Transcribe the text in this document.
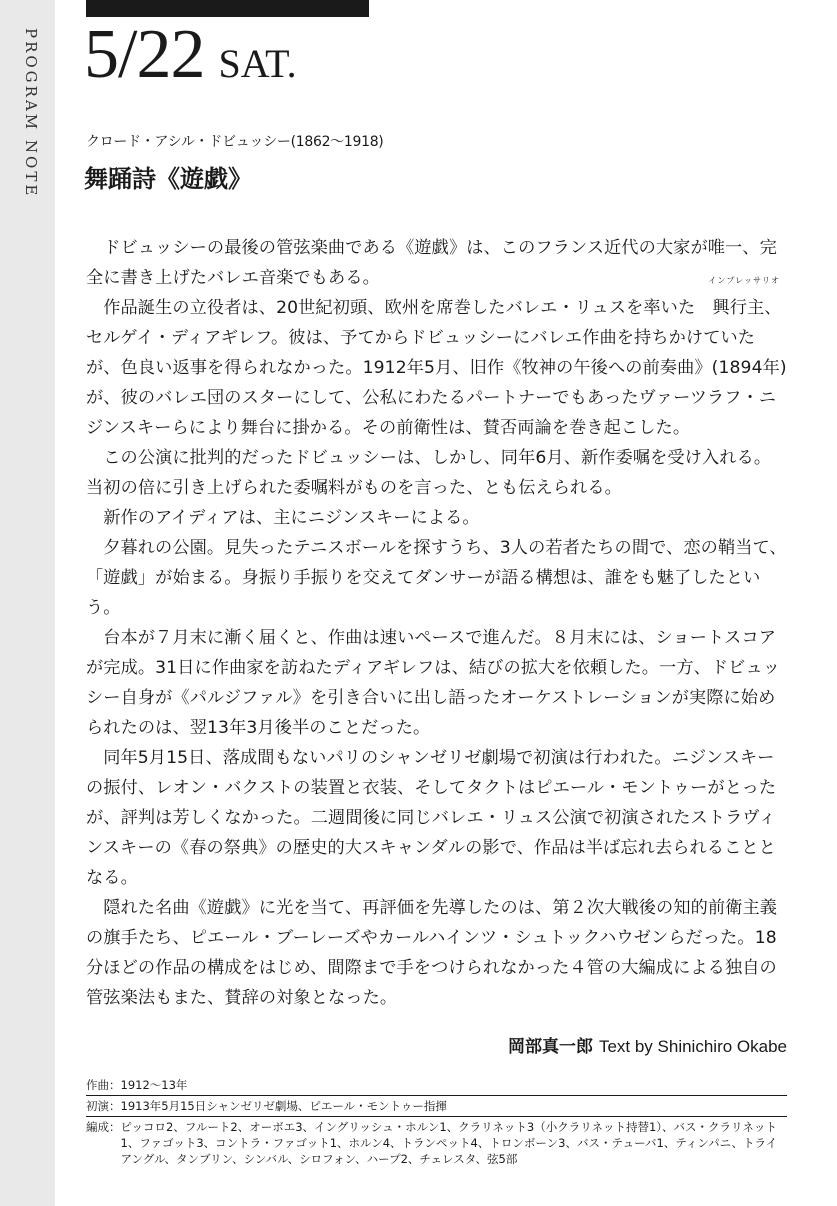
PROGRAM NOTE 5/22 SAT.
クロード・アシル・ドビュッシー(1862〜1918)
舞踊詩《遊戯》

ドビュッシーの最後の管弦楽曲である《遊戯》は、このフランス近代の大家が唯一、完全に書き上げたバレエ音楽でもある。

作品誕生の立役者は、20世紀初頭、欧州を席巻したバレエ・リュスを率いた
インプレッサリオ
興行主、セルゲイ・ディアギレフ。彼は、予てからドビュッシーにバレエ作曲を持ちかけていたが、色良い返事を得られなかった。1912年5月、旧作《牧神の午後への前奏曲》(1894年)が、彼のバレエ団のスターにして、公私にわたるパートナーでもあったヴァーツラフ・ニジンスキーらにより舞台に掛かる。その前衛性は、賛否両論を巻き起こした。

この公演に批判的だったドビュッシーは、しかし、同年6月、新作委嘱を受け入れる。当初の倍に引き上げられた委嘱料がものを言った、とも伝えられる。

新作のアイディアは、主にニジンスキーによる。

夕暮れの公園。見失ったテニスボールを探すうち、3人の若者たちの間で、恋の鞘当て、「遊戯」が始まる。身振り手振りを交えてダンサーが語る構想は、誰をも魅了したという。

台本が７月末に漸く届くと、作曲は速いペースで進んだ。８月末には、ショートスコアが完成。31日に作曲家を訪ねたディアギレフは、結びの拡大を依頼した。一方、ドビュッシー自身が《パルジファル》を引き合いに出し語ったオーケストレーションが実際に始められたのは、翌13年3月後半のことだった。

同年5月15日、落成間もないパリのシャンゼリゼ劇場で初演は行われた。ニジンスキーの振付、レオン・バクストの装置と衣装、そしてタクトはピエール・モントゥーがとったが、評判は芳しくなかった。二週間後に同じバレエ・リュス公演で初演されたストラヴィンスキーの《春の祭典》の歴史的大スキャンダルの影で、作品は半ば忘れ去られることとなる。

隠れた名曲《遊戯》に光を当て、再評価を先導したのは、第２次大戦後の知的前衛主義の旗手たち、ピエール・ブーレーズやカールハインツ・シュトックハウゼンらだった。18分ほどの作品の構成をはじめ、間際まで手をつけられなかった４管の大編成による独自の管弦楽法もまた、賛辞の対象となった。

岡部真一郎 Text by Shinichiro Okabe
作曲： 1912〜13年
初演： 1913年5月15日シャンゼリゼ劇場、ピエール・モントゥー指揮
編成： ピッコロ2、フルート2、オーボエ3、イングリッシュ・ホルン1、クラリネット3（小クラリネット持替1）、バス・クラリネット1、ファゴット3、コントラ・ファゴット1、ホルン4、トランペット4、トロンボーン3、バス・テューバ1、ティンパニ、トライアングル、タンブリン、シンバル、シロフォン、ハープ2、チェレスタ、弦5部
